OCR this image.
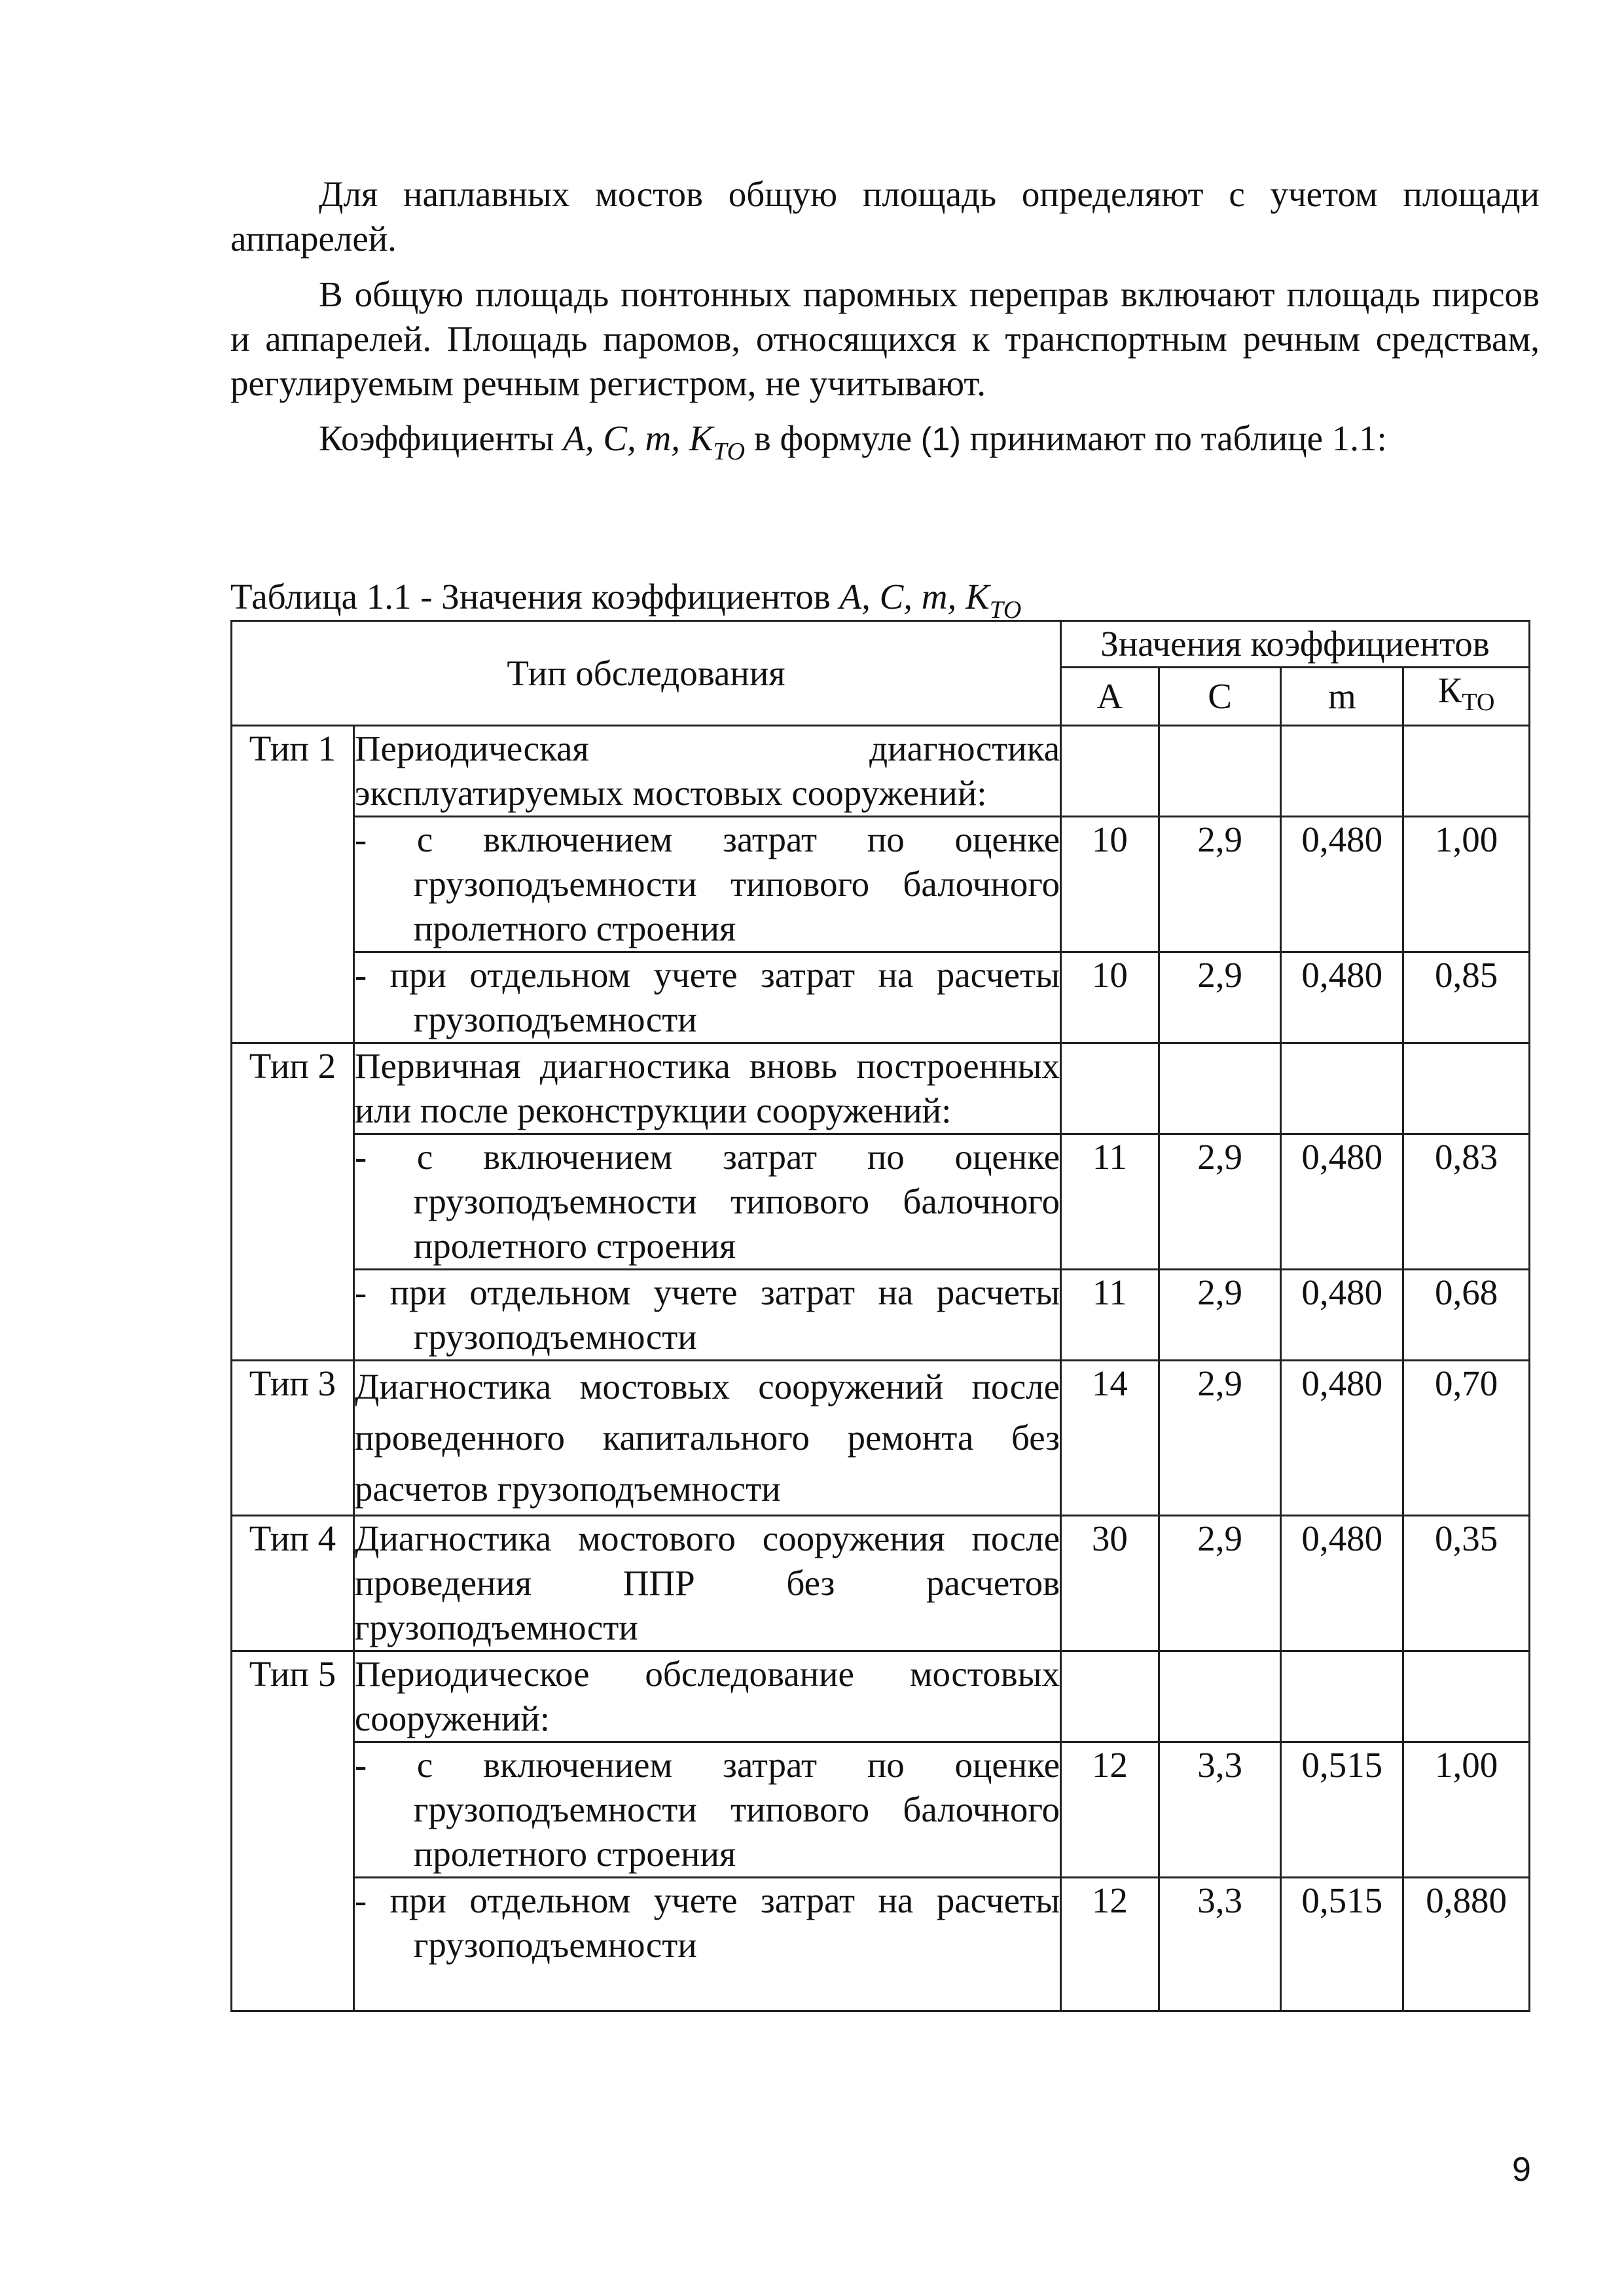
Для наплавных мостов общую площадь определяют с учетом площади аппарелей.

В общую площадь понтонных паромных переправ включают площадь пирсов и аппарелей. Площадь паромов, относящихся к транспортным речным средствам, регулируемым речным регистром, не учитывают.

Коэффициенты A, C, m, $K_{ТО}$ в формуле (1) принимают по таблице 1.1:

Таблица 1.1 - Значения коэффициентов A, C, m, $K_{ТО}$

Тип обследования		Значения коэффициентов			
		А	С	m	$К_{ТО}$
Тип 1	Периодическая диагностика эксплуатируемых мостовых сооружений:				

	- с включением затрат по оценке грузоподъемности типового балочного пролетного строения	10	2,9	0,480	1,00

	- при отдельном учете затрат на расчеты грузоподъемности	10	2,9	0,480	0,85
Тип 2	Первичная диагностика вновь построенных или после реконструкции сооружений:				

	- с включением затрат по оценке грузоподъемности типового балочного пролетного строения	11	2,9	0,480	0,83

	- при отдельном учете затрат на расчеты грузоподъемности	11	2,9	0,480	0,68
Тип 3	Диагностика мостовых сооружений после проведенного капитального ремонта без расчетов грузоподъемности	14	2,9	0,480	0,70
Тип 4	Диагностика мостового сооружения после проведения ППР без расчетов грузоподъемности	30	2,9	0,480	0,35
Тип 5	Периодическое обследование мостовых сооружений:				

	- с включением затрат по оценке грузоподъемности типового балочного пролетного строения	12	3,3	0,515	1,00

	- при отдельном учете затрат на расчеты грузоподъемности	12	3,3	0,515	0,880
9
